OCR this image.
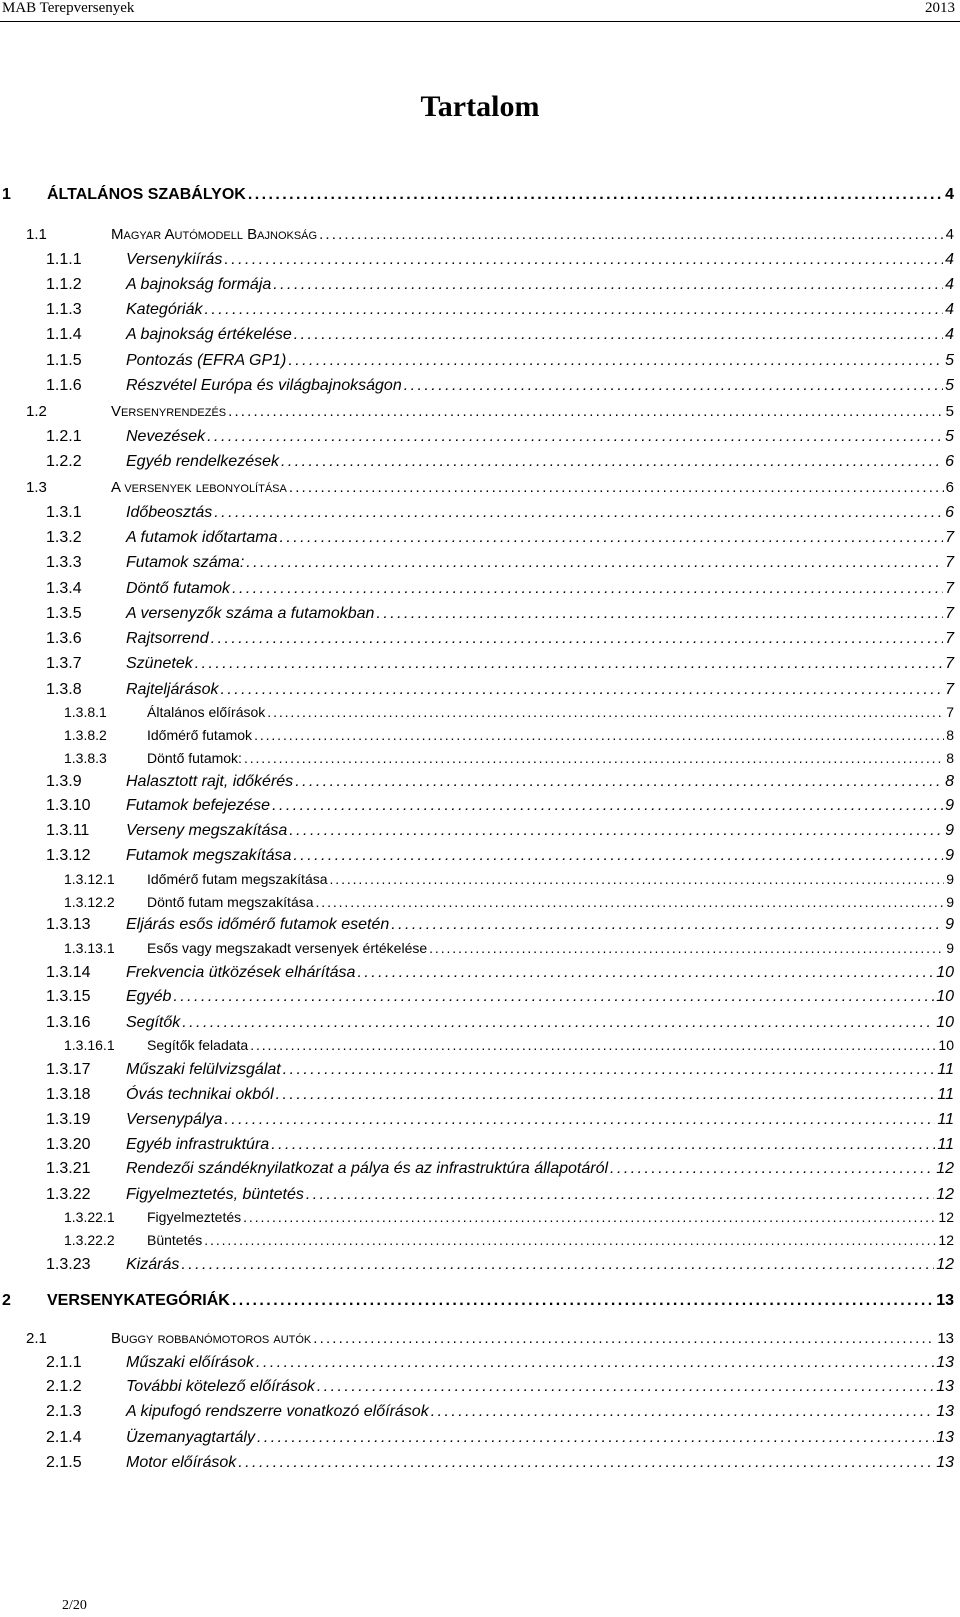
MAB Terepversenyek	2013
Tartalom
1	ÁLTALÁNOS SZABÁLYOK . . .	4
1.1	Magyar Autómodell Bajnokság . . .	4
1.1.1	Versenykiírás . . .	4
1.1.2	A bajnokság formája . . .	4
1.1.3	Kategóriák . . .	4
1.1.4	A bajnokság értékelése . . .	4
1.1.5	Pontozás (EFRA GP1) . . .	5
1.1.6	Részvétel Európa és világbajnokságon . . .	5
1.2	Versenyrendezés . . .	5
1.2.1	Nevezések . . .	5
1.2.2	Egyéb rendelkezések . . .	6
1.3	A versenyek lebonyolítása . . .	6
1.3.1	Időbeosztás . . .	6
1.3.2	A futamok időtartama . . .	7
1.3.3	Futamok száma: . . .	7
1.3.4	Döntő futamok . . .	7
1.3.5	A versenyzők száma a futamokban . . .	7
1.3.6	Rajtsorrend . . .	7
1.3.7	Szünetek . . .	7
1.3.8	Rajteljárások . . .	7
1.3.8.1	Általános előírások . . .	7
1.3.8.2	Időmérő futamok . . .	8
1.3.8.3	Döntő futamok: . . .	8
1.3.9	Halasztott rajt, időkérés . . .	8
1.3.10	Futamok befejezése . . .	9
1.3.11	Verseny megszakítása . . .	9
1.3.12	Futamok megszakítása . . .	9
1.3.12.1	Időmérő futam megszakítása . . .	9
1.3.12.2	Döntő futam megszakítása . . .	9
1.3.13	Eljárás esős időmérő futamok esetén . . .	9
1.3.13.1	Esős vagy megszakadt versenyek értékelése . . .	9
1.3.14	Frekvencia ütközések elhárítása . . .	10
1.3.15	Egyéb . . .	10
1.3.16	Segítők . . .	10
1.3.16.1	Segítők feladata . . .	10
1.3.17	Műszaki felülvizsgálat . . .	11
1.3.18	Óvás technikai okból . . .	11
1.3.19	Versenypálya . . .	11
1.3.20	Egyéb infrastruktúra . . .	11
1.3.21	Rendezői szándéknyilatkozat a pálya és az infrastruktúra állapotáról . . .	12
1.3.22	Figyelmeztetés, büntetés . . .	12
1.3.22.1	Figyelmeztetés . . .	12
1.3.22.2	Büntetés . . .	12
1.3.23	Kizárás . . .	12
2	VERSENYKATEGÓRIÁK . . .	13
2.1	Buggy robbanómotoros autók . . .	13
2.1.1	Műszaki előírások . . .	13
2.1.2	További kötelező előírások . . .	13
2.1.3	A kipufogó rendszerre vonatkozó előírások . . .	13
2.1.4	Üzemanyagtartály . . .	13
2.1.5	Motor előírások . . .	13
2/20
